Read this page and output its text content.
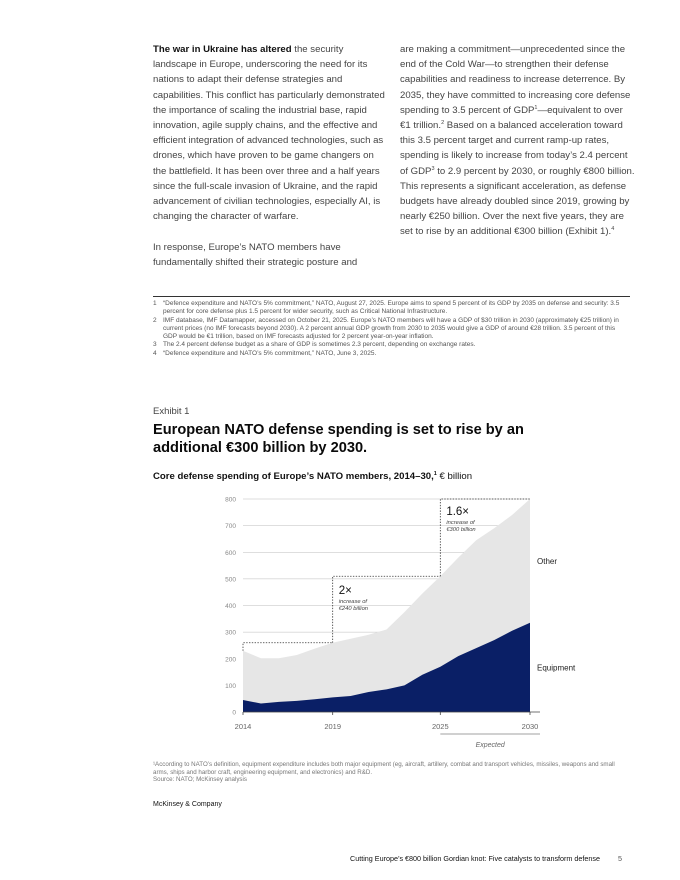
The war in Ukraine has altered the security landscape in Europe, underscoring the need for its nations to adapt their defense strategies and capabilities. This conflict has particularly demonstrated the importance of scaling the industrial base, rapid innovation, agile supply chains, and the effective and efficient integration of advanced technologies, such as drones, which have proven to be game changers on the battlefield. It has been over three and a half years since the full-scale invasion of Ukraine, and the rapid advancement of civilian technologies, especially AI, is changing the character of warfare.

In response, Europe’s NATO members have fundamentally shifted their strategic posture and

are making a commitment—unprecedented since the end of the Cold War—to strengthen their defense capabilities and readiness to increase deterrence. By 2035, they have committed to increasing core defense spending to 3.5 percent of GDP$^1$—equivalent to over €1 trillion.$^2$ Based on a balanced acceleration toward this 3.5 percent target and current ramp-up rates, spending is likely to increase from today’s 2.4 percent of GDP$^3$ to 2.9 percent by 2030, or roughly €800 billion. This represents a significant acceleration, as defense budgets have already doubled since 2019, growing by nearly €250 billion. Over the next five years, they are set to rise by an additional €300 billion (Exhibit 1).$^4$

1 “Defence expenditure and NATO’s 5% commitment,” NATO, August 27, 2025. Europe aims to spend 5 percent of its GDP by 2035 on defense and security: 3.5 percent for core defense plus 1.5 percent for wider security, such as Critical National Infrastructure.
2 IMF database, IMF Datamapper, accessed on October 21, 2025. Europe’s NATO members will have a GDP of $30 trillion in 2030 (approximately €25 trillion) in current prices (no IMF forecasts beyond 2030). A 2 percent annual GDP growth from 2030 to 2035 would give a GDP of around €28 trillion. 3.5 percent of this GDP would be €1 trillion, based on IMF forecasts adjusted for 2 percent year-on-year inflation.
3 The 2.4 percent defense budget as a share of GDP is sometimes 2.3 percent, depending on exchange rates.
4 “Defence expenditure and NATO’s 5% commitment,” NATO, June 3, 2025.
Exhibit 1
European NATO defense spending is set to rise by an additional €300 billion by 2030.
Core defense spending of Europe’s NATO members, 2014–30,$^1$ € billion
0
100
200
300
400
500
600
700
800
2014	2019	2025	2030
Expected
2×
increase of
€240 billion
1.6×
increase of
€300 billion
Other
Equipment
¹According to NATO’s definition, equipment expenditure includes both major equipment (eg, aircraft, artillery, combat and transport vehicles, missiles, weapons and small arms, ships and harbor craft, engineering equipment, and electronics) and R&D.
Source: NATO; McKinsey analysis
McKinsey & Company
Cutting Europe’s €800 billion Gordian knot: Five catalysts to transform defense	5
